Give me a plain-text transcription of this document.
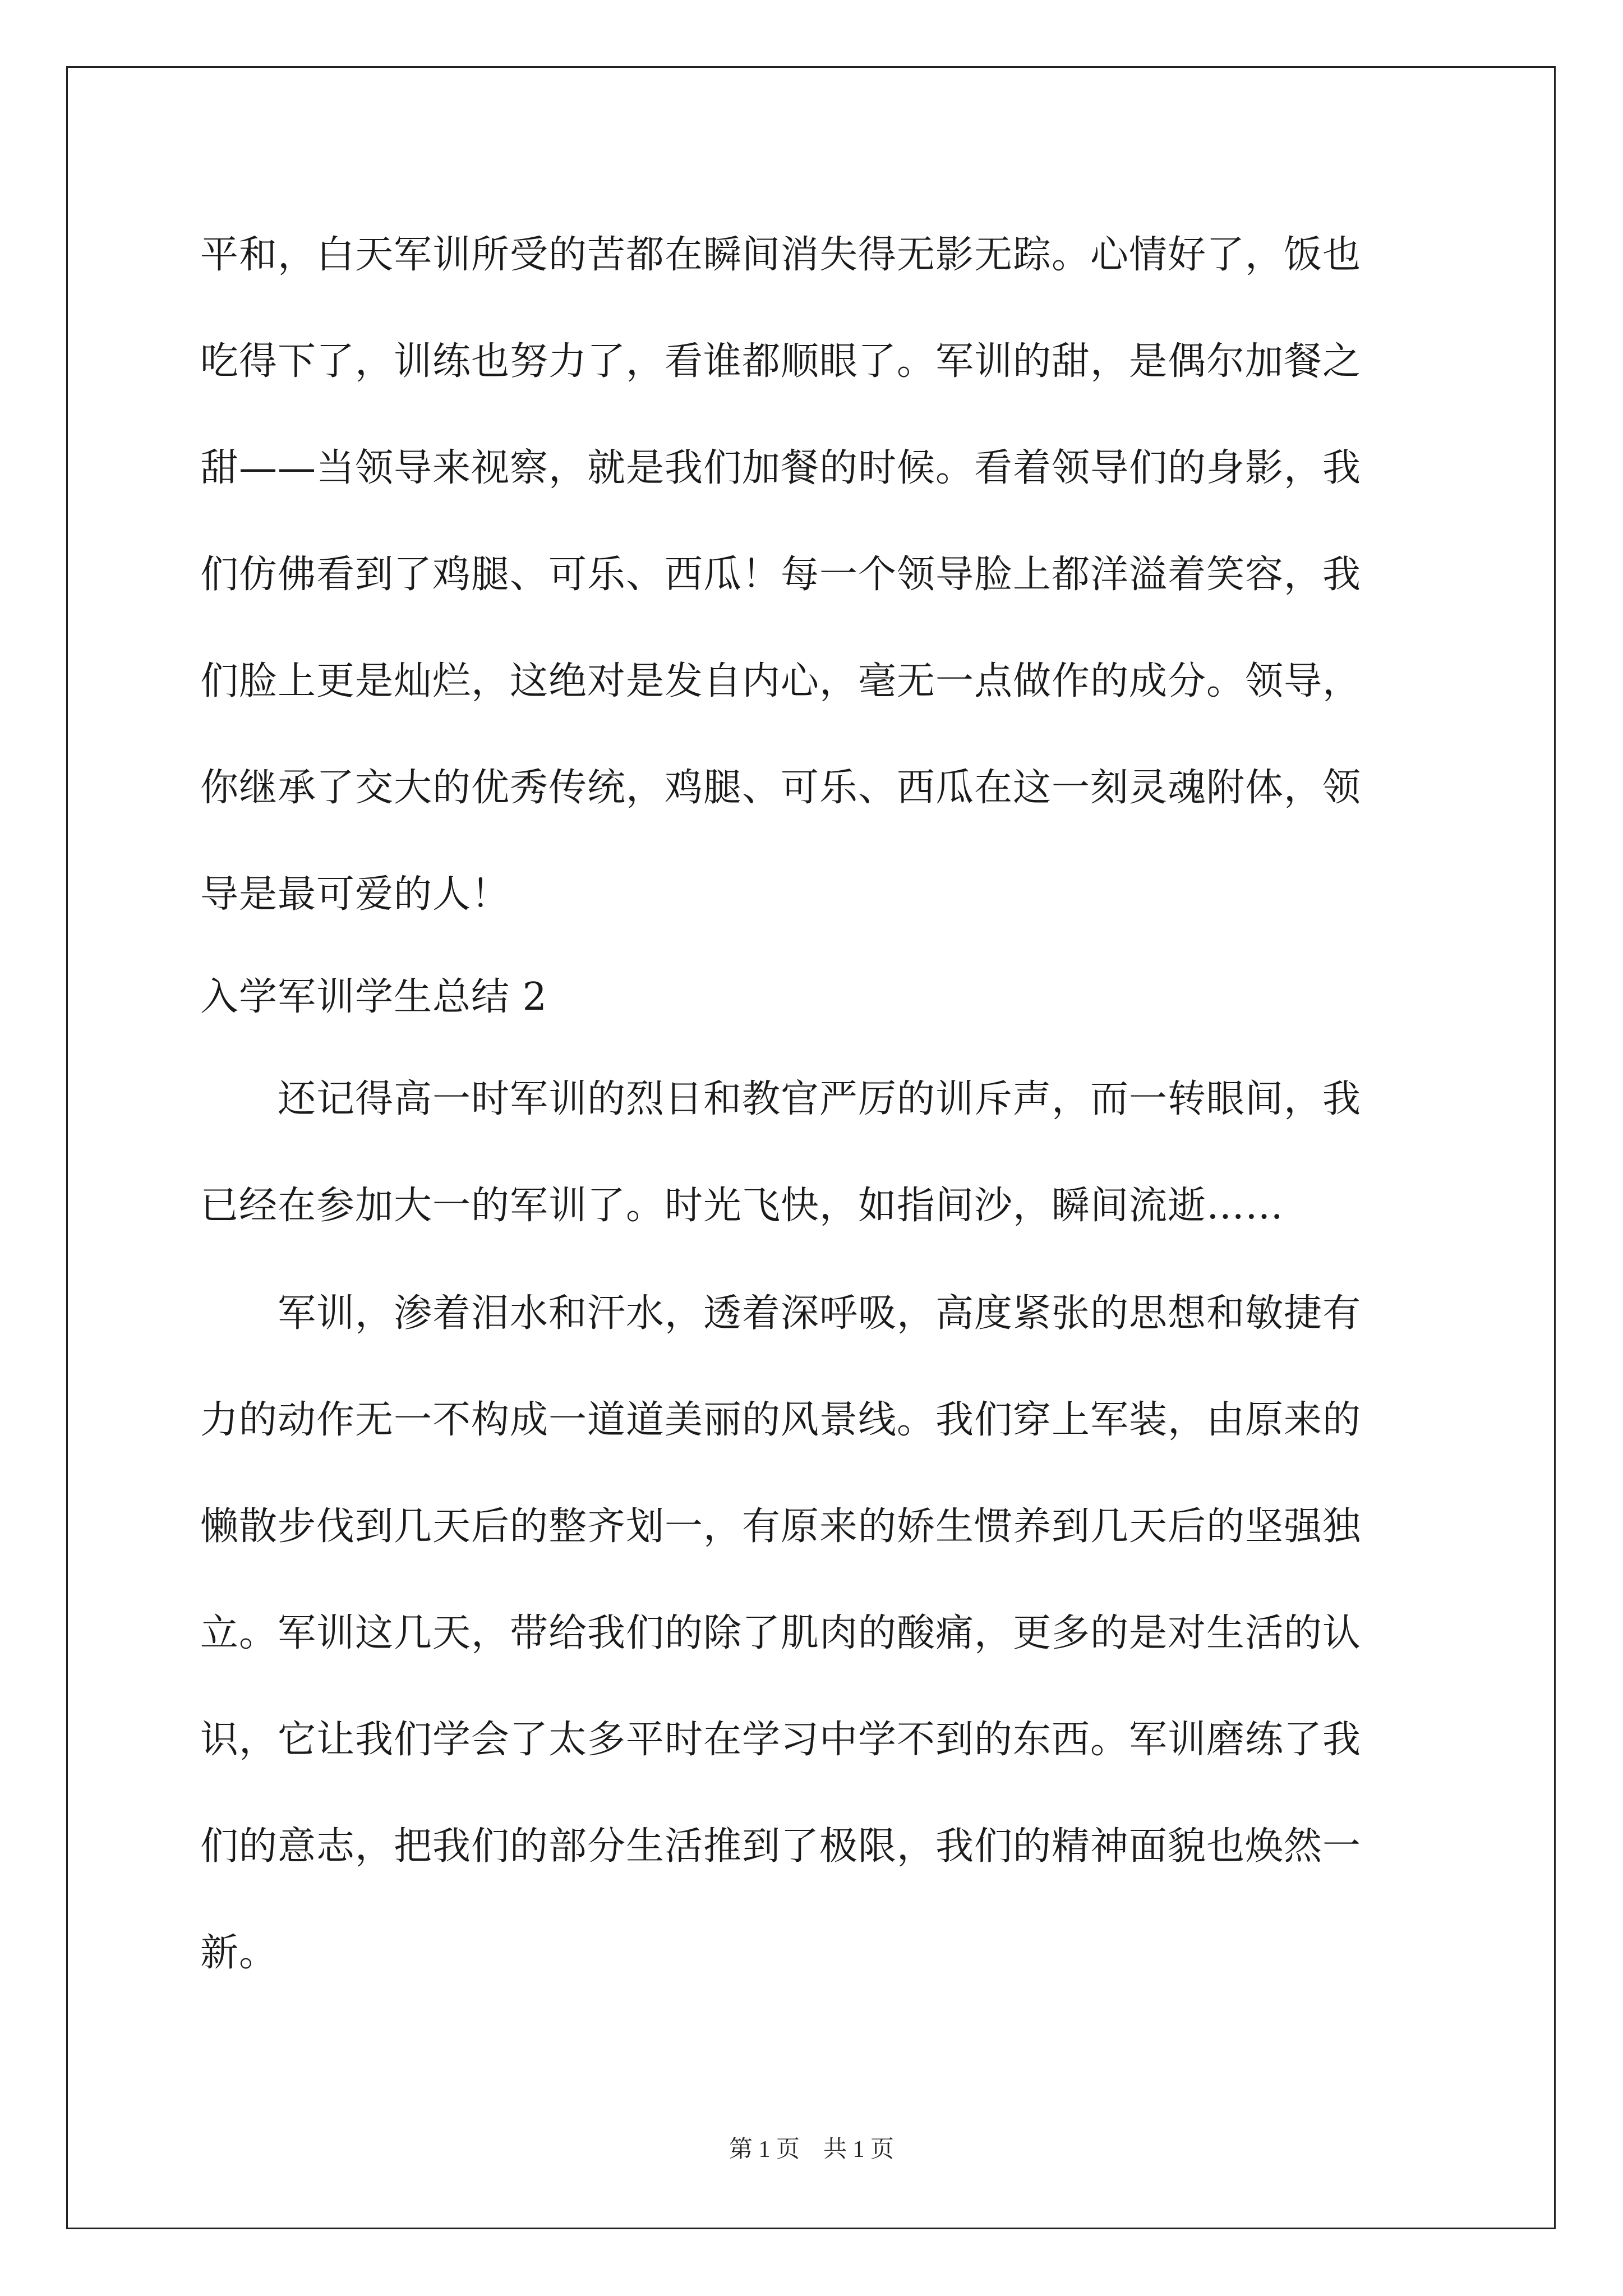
平和，白天军训所受的苦都在瞬间消失得无影无踪。心情好了，饭也
吃得下了，训练也努力了，看谁都顺眼了。军训的甜，是偶尔加餐之
甜——当领导来视察，就是我们加餐的时候。看着领导们的身影，我
们仿佛看到了鸡腿、可乐、西瓜！每一个领导脸上都洋溢着笑容，我
们脸上更是灿烂，这绝对是发自内心，毫无一点做作的成分。领导，
你继承了交大的优秀传统，鸡腿、可乐、西瓜在这一刻灵魂附体，领
导是最可爱的人！
入学军训学生总结 2
　　还记得高一时军训的烈日和教官严厉的训斥声，而一转眼间，我
已经在参加大一的军训了。时光飞快，如指间沙，瞬间流逝……
　　军训，渗着泪水和汗水，透着深呼吸，高度紧张的思想和敏捷有
力的动作无一不构成一道道美丽的风景线。我们穿上军装，由原来的
懒散步伐到几天后的整齐划一，有原来的娇生惯养到几天后的坚强独
立。军训这几天，带给我们的除了肌肉的酸痛，更多的是对生活的认
识，它让我们学会了太多平时在学习中学不到的东西。军训磨练了我
们的意志，把我们的部分生活推到了极限，我们的精神面貌也焕然一
新。
第 1 页　共 1 页
